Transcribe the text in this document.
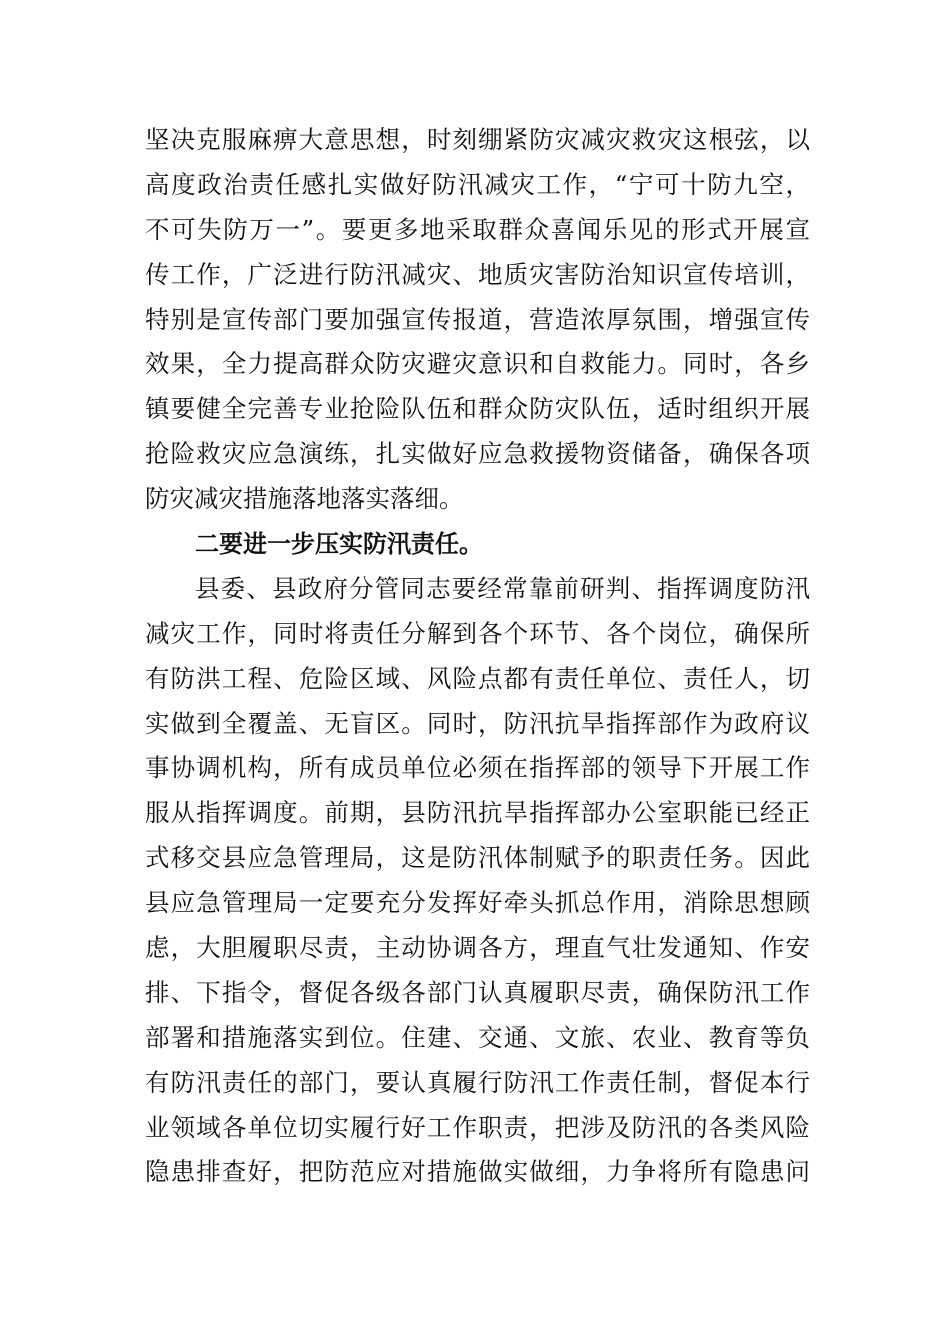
坚决克服麻痹大意思想，时刻绷紧防灾减灾救灾这根弦，以
高度政治责任感扎实做好防汛减灾工作，“宁可十防九空，
不可失防万一”。要更多地采取群众喜闻乐见的形式开展宣
传工作，广泛进行防汛减灾、地质灾害防治知识宣传培训，
特别是宣传部门要加强宣传报道，营造浓厚氛围，增强宣传
效果，全力提高群众防灾避灾意识和自救能力。同时，各乡
镇要健全完善专业抢险队伍和群众防灾队伍，适时组织开展
抢险救灾应急演练，扎实做好应急救援物资储备，确保各项
防灾减灾措施落地落实落细。
二要进一步压实防汛责任。
县委、县政府分管同志要经常靠前研判、指挥调度防汛
减灾工作，同时将责任分解到各个环节、各个岗位，确保所
有防洪工程、危险区域、风险点都有责任单位、责任人，切
实做到全覆盖、无盲区。同时，防汛抗旱指挥部作为政府议
事协调机构，所有成员单位必须在指挥部的领导下开展工作
服从指挥调度。前期，县防汛抗旱指挥部办公室职能已经正
式移交县应急管理局，这是防汛体制赋予的职责任务。因此
县应急管理局一定要充分发挥好牵头抓总作用，消除思想顾
虑，大胆履职尽责，主动协调各方，理直气壮发通知、作安
排、下指令，督促各级各部门认真履职尽责，确保防汛工作
部署和措施落实到位。住建、交通、文旅、农业、教育等负
有防汛责任的部门，要认真履行防汛工作责任制，督促本行
业领域各单位切实履行好工作职责，把涉及防汛的各类风险
隐患排查好，把防范应对措施做实做细，力争将所有隐患问
